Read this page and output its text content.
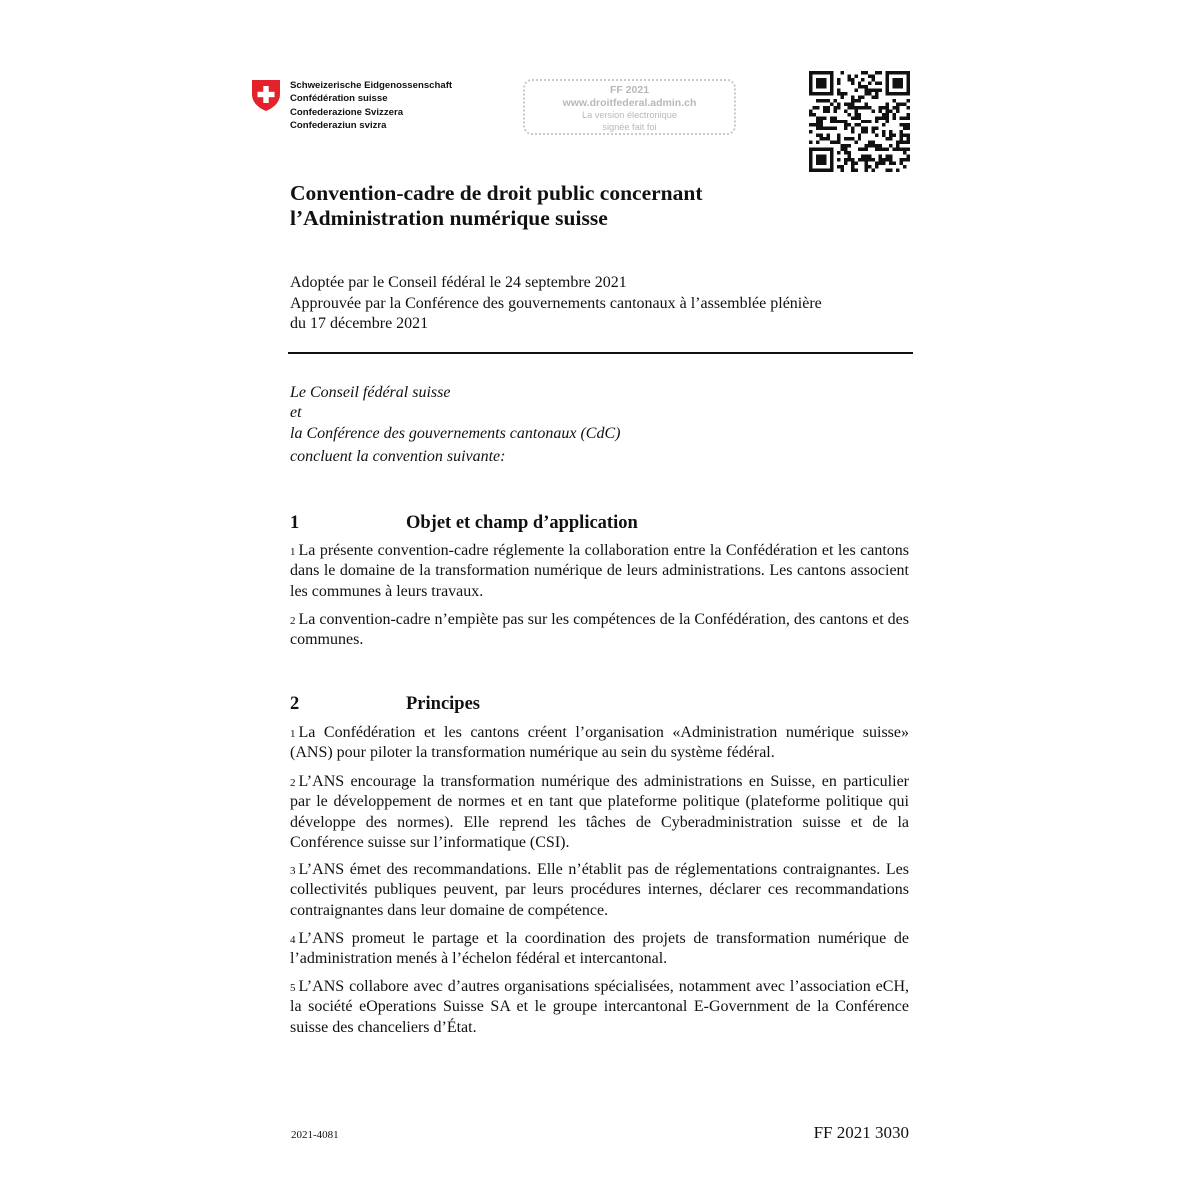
Schweizerische Eidgenossenschaft
Confédération suisse
Confederazione Svizzera
Confederaziun svizra
FF 2021
www.droitfederal.admin.ch
La version électronique
signée fait foi
Convention-cadre de droit public concernant
l’Administration numérique suisse
Adoptée par le Conseil fédéral le 24 septembre 2021
Approuvée par la Conférence des gouvernements cantonaux à l’assemblée plénière
du 17 décembre 2021
Le Conseil fédéral suisse
et
la Conférence des gouvernements cantonaux (CdC)
concluent la convention suivante:
1	Objet et champ d’application
$^1$ La présente convention-cadre réglemente la collaboration entre la Confédération et les cantons dans le domaine de la transformation numérique de leurs administrations. Les cantons associent les communes à leurs travaux.
$^2$ La convention-cadre n’empiète pas sur les compétences de la Confédération, des cantons et des communes.
2	Principes
$^1$ La Confédération et les cantons créent l’organisation «Administration numérique suisse» (ANS) pour piloter la transformation numérique au sein du système fédéral.
$^2$ L’ANS encourage la transformation numérique des administrations en Suisse, en particulier par le développement de normes et en tant que plateforme politique (plateforme politique qui développe des normes). Elle reprend les tâches de Cyberadministration suisse et de la Conférence suisse sur l’informatique (CSI).
$^3$ L’ANS émet des recommandations. Elle n’établit pas de réglementations contraignantes. Les collectivités publiques peuvent, par leurs procédures internes, déclarer ces recommandations contraignantes dans leur domaine de compétence.
$^4$ L’ANS promeut le partage et la coordination des projets de transformation numérique de l’administration menés à l’échelon fédéral et intercantonal.
$^5$ L’ANS collabore avec d’autres organisations spécialisées, notamment avec l’association eCH, la société eOperations Suisse SA et le groupe intercantonal E-Government de la Conférence suisse des chanceliers d’État.
2021-4081	FF 2021 3030
